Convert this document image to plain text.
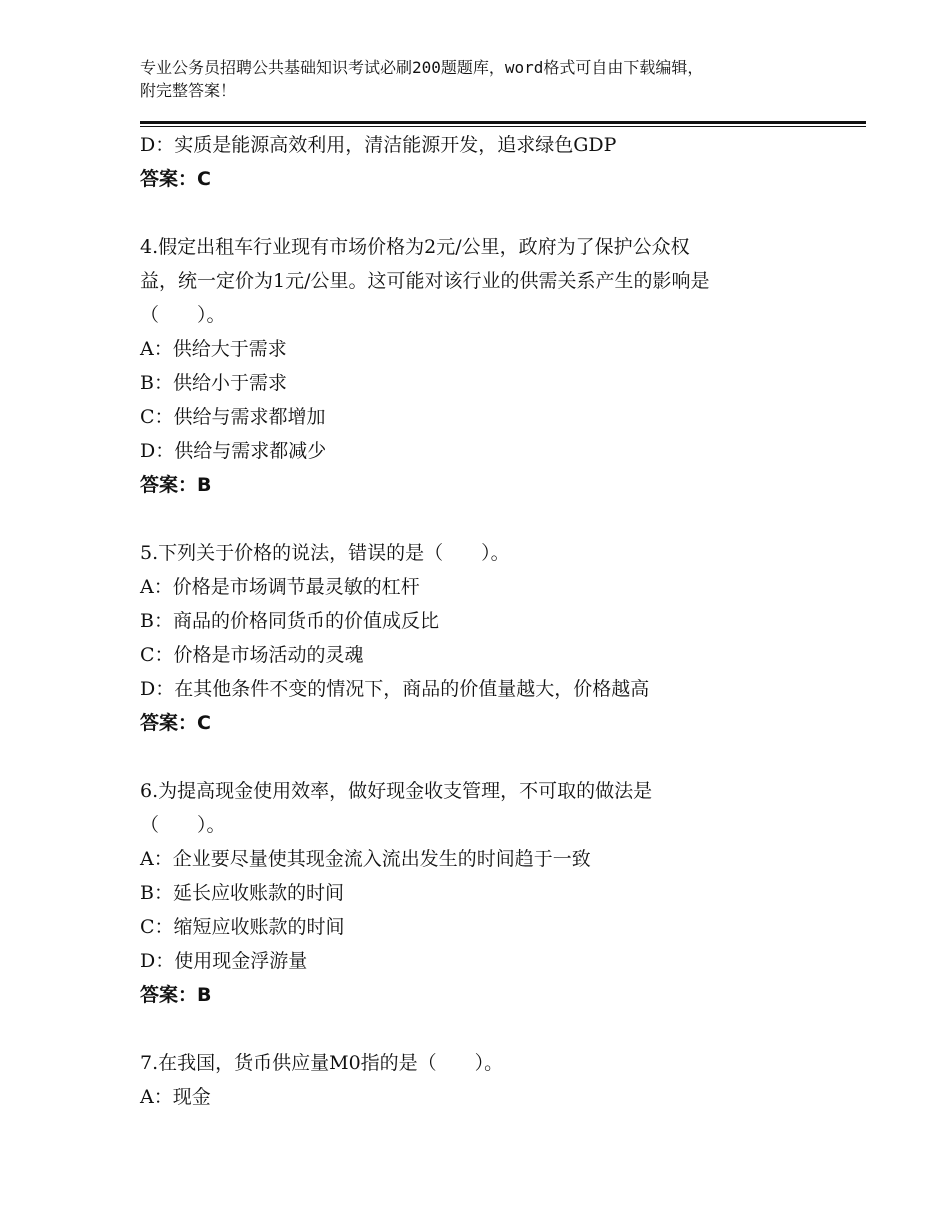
专业公务员招聘公共基础知识考试必刷200题题库，word格式可自由下载编辑，
附完整答案！
D：实质是能源高效利用，清洁能源开发，追求绿色GDP
答案：C
4.假定出租车行业现有市场价格为2元/公里，政府为了保护公众权
益，统一定价为1元/公里。这可能对该行业的供需关系产生的影响是
（　　）。
A：供给大于需求
B：供给小于需求
C：供给与需求都增加
D：供给与需求都减少
答案：B
5.下列关于价格的说法，错误的是（　　）。
A：价格是市场调节最灵敏的杠杆
B：商品的价格同货币的价值成反比
C：价格是市场活动的灵魂
D：在其他条件不变的情况下，商品的价值量越大，价格越高
答案：C
6.为提高现金使用效率，做好现金收支管理，不可取的做法是
（　　）。
A：企业要尽量使其现金流入流出发生的时间趋于一致
B：延长应收账款的时间
C：缩短应收账款的时间
D：使用现金浮游量
答案：B
7.在我国，货币供应量M0指的是（　　）。
A：现金
